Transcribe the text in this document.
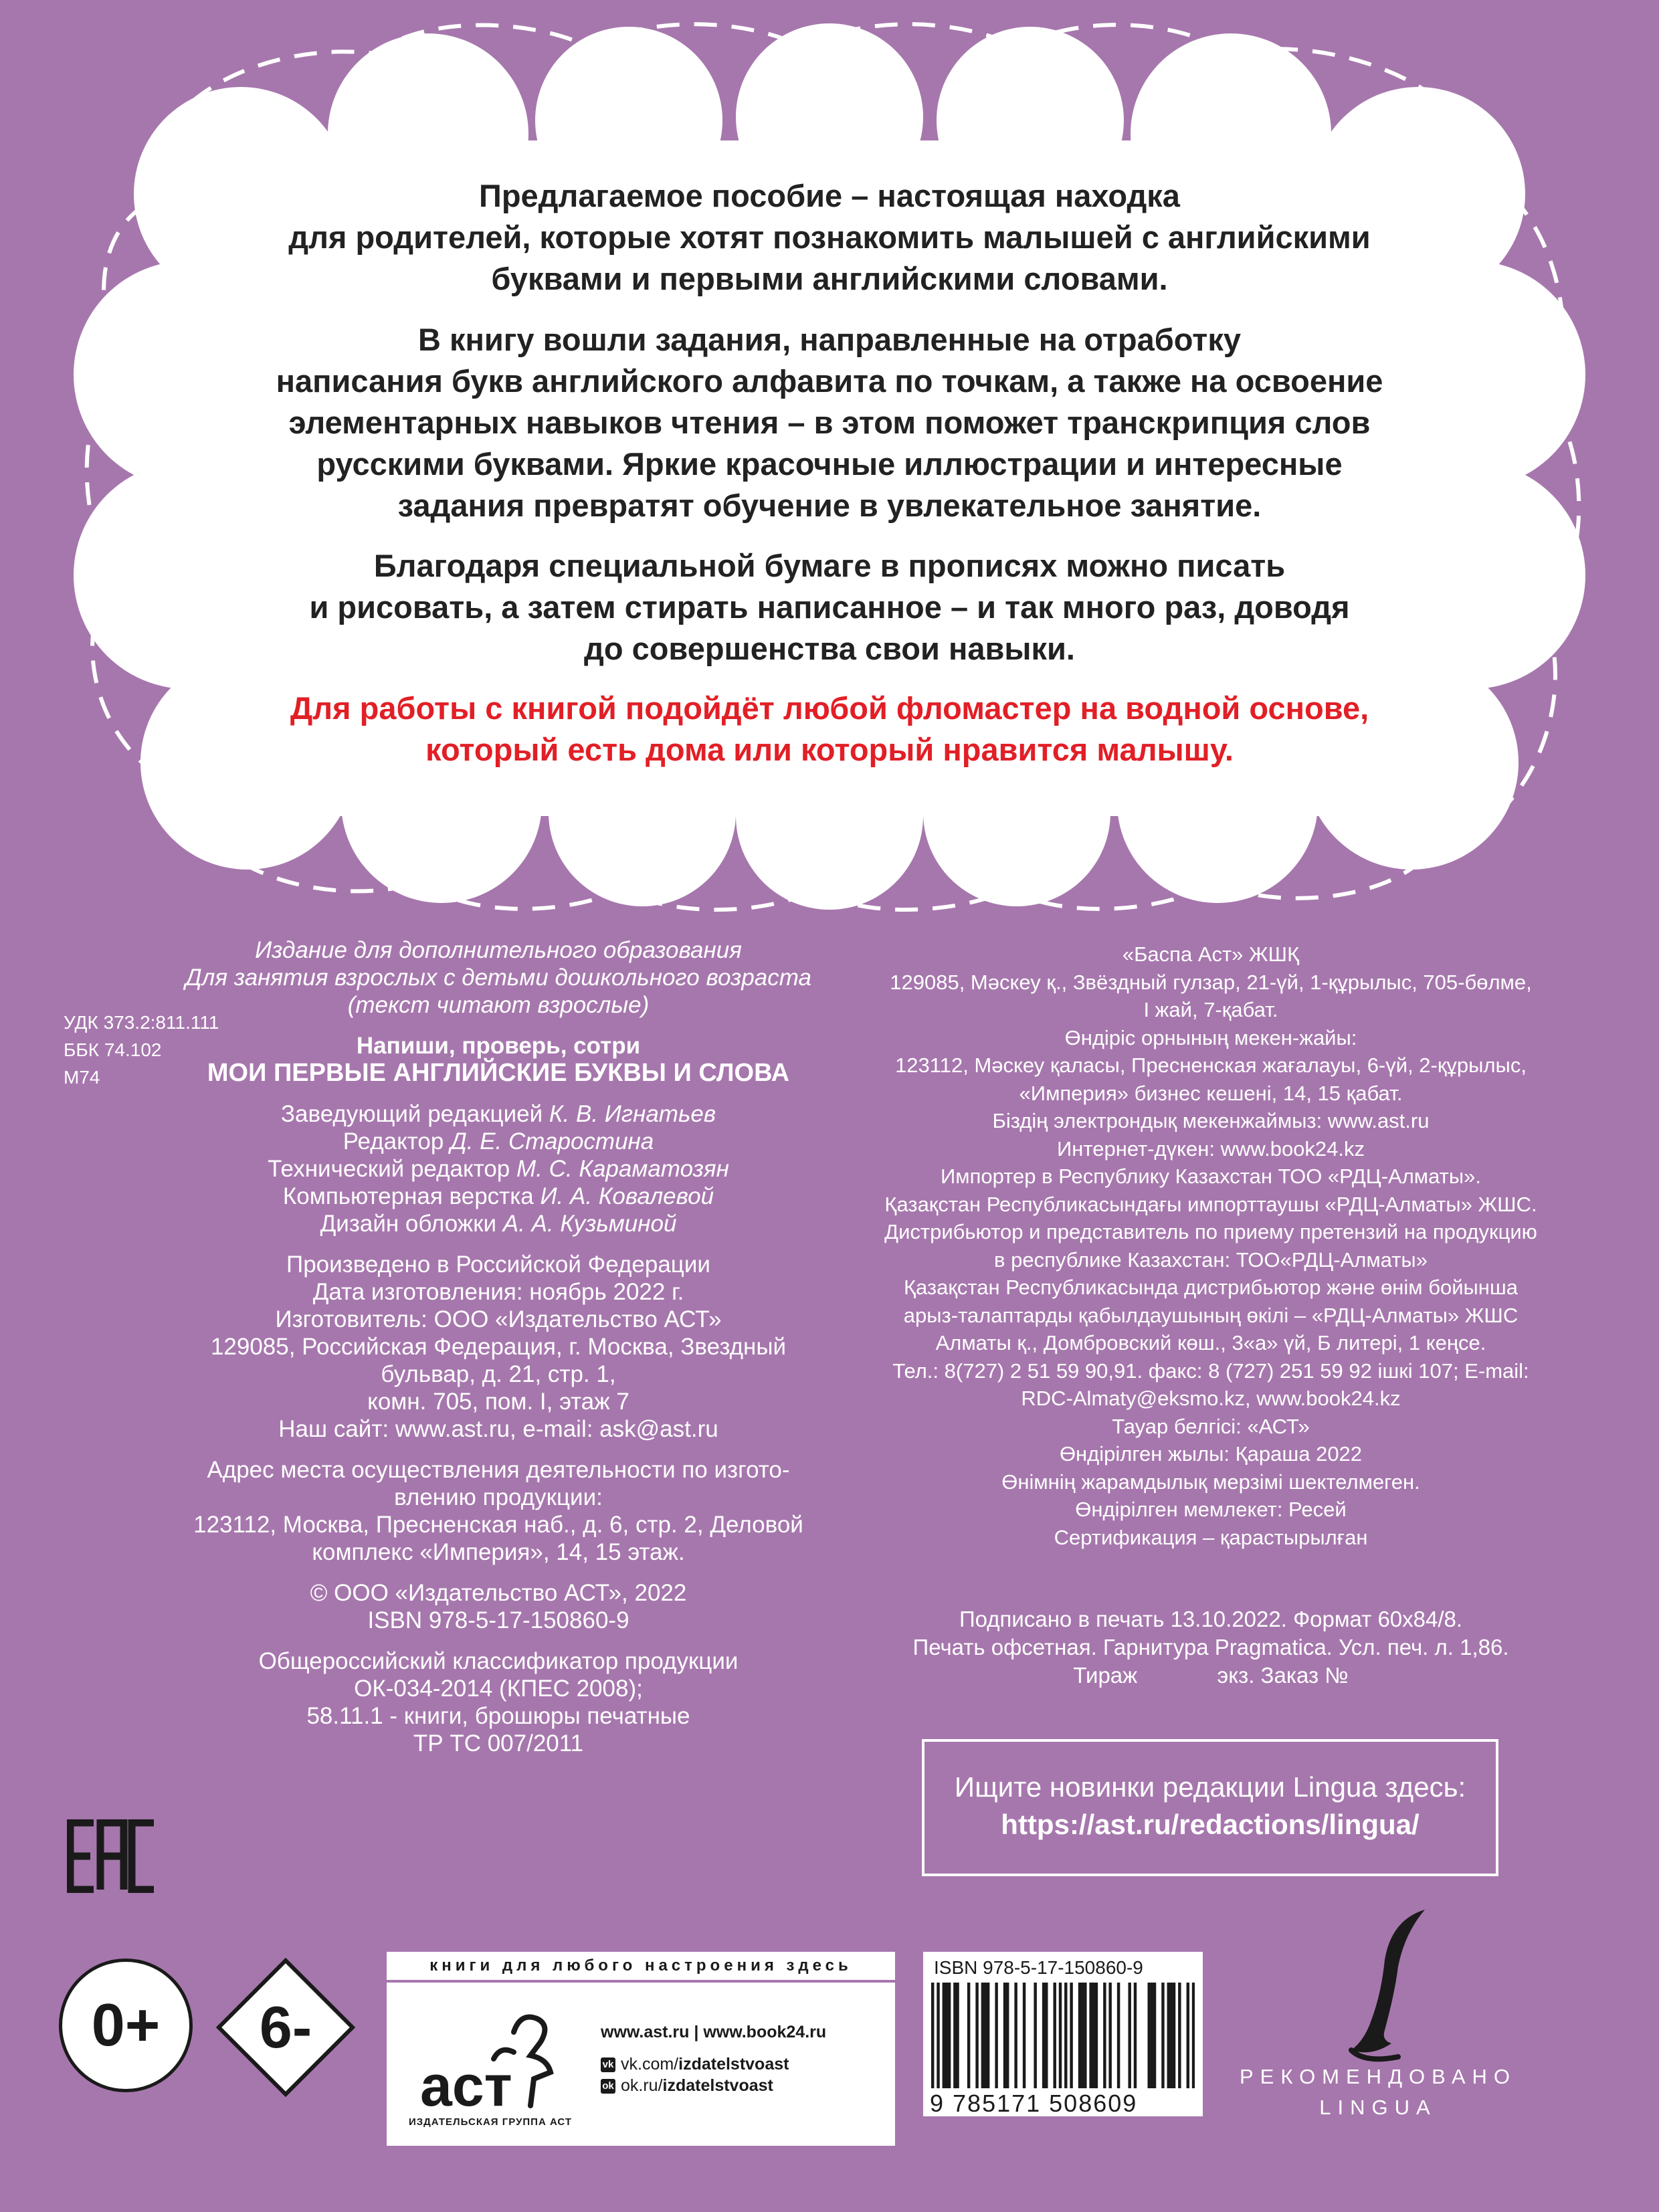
Предлагаемое пособие – настоящая находка

для родителей, которые хотят познакомить малышей с английскими

буквами и первыми английскими словами.

В книгу вошли задания, направленные на отработку

написания букв английского алфавита по точкам, а также на освоение

элементарных навыков чтения – в этом поможет транскрипция слов

русскими буквами. Яркие красочные иллюстрации и интересные

задания превратят обучение в увлекательное занятие.

Благодаря специальной бумаге в прописях можно писать

и рисовать, а затем стирать написанное – и так много раз, доводя

до совершенства свои навыки.

Для работы с книгой подойдёт любой фломастер на водной основе,

который есть дома или который нравится малышу.

УДК 373.2:811.111

ББК 74.102

М74

Издание для дополнительного образования

Для занятия взрослых с детьми дошкольного возраста

(текст читают взрослые)

Напиши, проверь, сотри

МОИ ПЕРВЫЕ АНГЛИЙСКИЕ БУКВЫ И СЛОВА

Заведующий редакцией К. В. Игнатьев

Редактор Д. Е. Старостина

Технический редактор М. С. Караматозян

Компьютерная верстка И. А. Ковалевой

Дизайн обложки А. А. Кузьминой

Произведено в Российской Федерации

Дата изготовления: ноябрь 2022 г.

Изготовитель: ООО «Издательство АСТ»

129085, Российская Федерация, г. Москва, Звездный

бульвар, д. 21, стр. 1,

комн. 705, пом. I, этаж 7

Наш сайт: www.ast.ru, e-mail: ask@ast.ru

Адрес места осуществления деятельности по изгото-

влению продукции:

123112, Москва, Пресненская наб., д. 6, стр. 2, Деловой

комплекс «Империя», 14, 15 этаж.

© ООО «Издательство АСТ», 2022

ISBN 978-5-17-150860-9

Общероссийский классификатор продукции

ОК-034-2014 (КПЕС 2008);

58.11.1 - книги, брошюры печатные

ТР ТС 007/2011

«Баспа Аст» ЖШҚ

129085, Мәскеу қ., Звёздный гулзар, 21-үй, 1-құрылыс, 705-бөлме,

I жай, 7-қабат.

Өндіріс орнының мекен-жайы:

123112, Мәскеу қаласы, Пресненская жағалауы, 6-үй, 2-құрылыс,

«Империя» бизнес кешені, 14, 15 қабат.

Біздің электрондық мекенжаймыз: www.ast.ru

Интернет-дүкен: www.book24.kz

Импортер в Республику Казахстан ТОО «РДЦ-Алматы».

Қазақстан Республикасындағы импорттаушы «РДЦ-Алматы» ЖШС.

Дистрибьютор и представитель по приему претензий на продукцию

в республике Казахстан: ТОО«РДЦ-Алматы»

Қазақстан Республикасында дистрибьютор және өнім бойынша

арыз-талаптарды қабылдаушының өкілі – «РДЦ-Алматы» ЖШС

Алматы қ., Домбровский көш., 3«а» үй, Б литері, 1 кеңсе.

Тел.: 8(727) 2 51 59 90,91. факс: 8 (727) 251 59 92 ішкі 107; E-mail:

RDC-Almaty@eksmo.kz, www.book24.kz

Тауар белгісі: «АСТ»

Өндірілген жылы: Қараша 2022

Өнімнің жарамдылық мерзімі шектелмеген.

Өндірілген мемлекет: Ресей

Сертификация – қарастырылған

Подписано в печать 13.10.2022. Формат 60х84/8.

Печать офсетная. Гарнитура Pragmatica. Усл. печ. л. 1,86.

Тираж             экз. Заказ №

Ищите новинки редакции Lingua здесь:

https://ast.ru/redactions/lingua/

0+	6-
книги для любого настроения здесь
аст
ИЗДАТЕЛЬСКАЯ ГРУППА АСТ
www.ast.ru | www.book24.ru
vk vk.com/izdatelstvoast
ok ok.ru/izdatelstvoast
ISBN 978-5-17-150860-9
9 785171 508609

РЕКОМЕНДОВАНО

LINGUA
